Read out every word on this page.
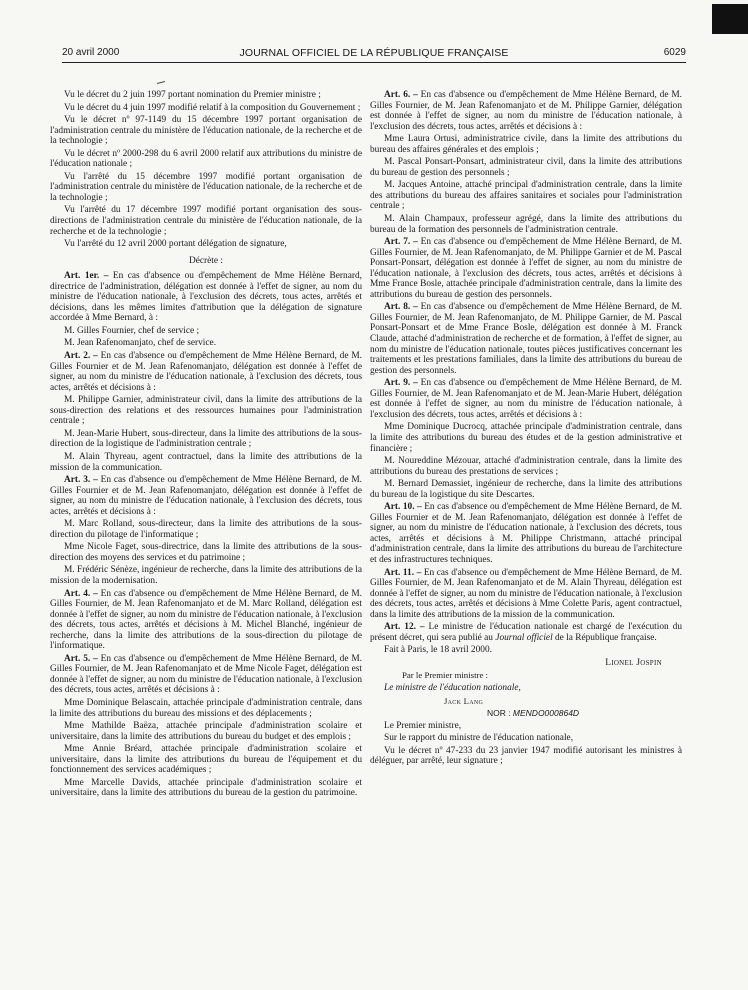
20 avril 2000	JOURNAL OFFICIEL DE LA RÉPUBLIQUE FRANÇAISE	6029

Vu le décret du 2 juin 1997 portant nomination du Premier ministre ;

Vu le décret du 4 juin 1997 modifié relatif à la composition du Gouvernement ;

Vu le décret nº 97-1149 du 15 décembre 1997 portant organisation de l'administration centrale du ministère de l'éducation nationale, de la recherche et de la technologie ;

Vu le décret nº 2000-298 du 6 avril 2000 relatif aux attributions du ministre de l'éducation nationale ;

Vu l'arrêté du 15 décembre 1997 modifié portant organisation de l'administration centrale du ministère de l'éducation nationale, de la recherche et de la technologie ;

Vu l'arrêté du 17 décembre 1997 modifié portant organisation des sous-directions de l'administration centrale du ministère de l'éducation nationale, de la recherche et de la technologie ;

Vu l'arrêté du 12 avril 2000 portant délégation de signature,

Décrète :

Art. 1er. – En cas d'absence ou d'empêchement de Mme Hélène Bernard, directrice de l'administration, délégation est donnée à l'effet de signer, au nom du ministre de l'éducation nationale, à l'exclusion des décrets, tous actes, arrêtés et décisions, dans les mêmes limites d'attribution que la délégation de signature accordée à Mme Bernard, à :

M. Gilles Fournier, chef de service ;

M. Jean Rafenomanjato, chef de service.

Art. 2. – En cas d'absence ou d'empêchement de Mme Hélène Bernard, de M. Gilles Fournier et de M. Jean Rafenomanjato, délégation est donnée à l'effet de signer, au nom du ministre de l'éducation nationale, à l'exclusion des décrets, tous actes, arrêtés et décisions à :

M. Philippe Garnier, administrateur civil, dans la limite des attributions de la sous-direction des relations et des ressources humaines pour l'administration centrale ;

M. Jean-Marie Hubert, sous-directeur, dans la limite des attributions de la sous-direction de la logistique de l'administration centrale ;

M. Alain Thyreau, agent contractuel, dans la limite des attributions de la mission de la communication.

Art. 3. – En cas d'absence ou d'empêchement de Mme Hélène Bernard, de M. Gilles Fournier et de M. Jean Rafenomanjato, délégation est donnée à l'effet de signer, au nom du ministre de l'éducation nationale, à l'exclusion des décrets, tous actes, arrêtés et décisions à :

M. Marc Rolland, sous-directeur, dans la limite des attributions de la sous-direction du pilotage de l'informatique ;

Mme Nicole Faget, sous-directrice, dans la limite des attributions de la sous-direction des moyens des services et du patrimoine ;

M. Frédéric Sénèze, ingénieur de recherche, dans la limite des attributions de la mission de la modernisation.

Art. 4. – En cas d'absence ou d'empêchement de Mme Hélène Bernard, de M. Gilles Fournier, de M. Jean Rafenomanjato et de M. Marc Rolland, délégation est donnée à l'effet de signer, au nom du ministre de l'éducation nationale, à l'exclusion des décrets, tous actes, arrêtés et décisions à M. Michel Blanché, ingénieur de recherche, dans la limite des attributions de la sous-direction du pilotage de l'informatique.

Art. 5. – En cas d'absence ou d'empêchement de Mme Hélène Bernard, de M. Gilles Fournier, de M. Jean Rafenomanjato et de Mme Nicole Faget, délégation est donnée à l'effet de signer, au nom du ministre de l'éducation nationale, à l'exclusion des décrets, tous actes, arrêtés et décisions à :

Mme Dominique Belascain, attachée principale d'administration centrale, dans la limite des attributions du bureau des missions et des déplacements ;

Mme Mathilde Baëza, attachée principale d'administration scolaire et universitaire, dans la limite des attributions du bureau du budget et des emplois ;

Mme Annie Bréard, attachée principale d'administration scolaire et universitaire, dans la limite des attributions du bureau de l'équipement et du fonctionnement des services académiques ;

Mme Marcelle Davids, attachée principale d'administration scolaire et universitaire, dans la limite des attributions du bureau de la gestion du patrimoine.

Art. 6. – En cas d'absence ou d'empêchement de Mme Hélène Bernard, de M. Gilles Fournier, de M. Jean Rafenomanjato et de M. Philippe Garnier, délégation est donnée à l'effet de signer, au nom du ministre de l'éducation nationale, à l'exclusion des décrets, tous actes, arrêtés et décisions à :

Mme Laura Ortusi, administratrice civile, dans la limite des attributions du bureau des affaires générales et des emplois ;

M. Pascal Ponsart-Ponsart, administrateur civil, dans la limite des attributions du bureau de gestion des personnels ;

M. Jacques Antoine, attaché principal d'administration centrale, dans la limite des attributions du bureau des affaires sanitaires et sociales pour l'administration centrale ;

M. Alain Champaux, professeur agrégé, dans la limite des attributions du bureau de la formation des personnels de l'administration centrale.

Art. 7. – En cas d'absence ou d'empêchement de Mme Hélène Bernard, de M. Gilles Fournier, de M. Jean Rafenomanjato, de M. Philippe Garnier et de M. Pascal Ponsart-Ponsart, délégation est donnée à l'effet de signer, au nom du ministre de l'éducation nationale, à l'exclusion des décrets, tous actes, arrêtés et décisions à Mme France Bosle, attachée principale d'administration centrale, dans la limite des attributions du bureau de gestion des personnels.

Art. 8. – En cas d'absence ou d'empêchement de Mme Hélène Bernard, de M. Gilles Fournier, de M. Jean Rafenomanjato, de M. Philippe Garnier, de M. Pascal Ponsart-Ponsart et de Mme France Bosle, délégation est donnée à M. Franck Claude, attaché d'administration de recherche et de formation, à l'effet de signer, au nom du ministre de l'éducation nationale, toutes pièces justificatives concernant les traitements et les prestations familiales, dans la limite des attributions du bureau de gestion des personnels.

Art. 9. – En cas d'absence ou d'empêchement de Mme Hélène Bernard, de M. Gilles Fournier, de M. Jean Rafenomanjato et de M. Jean-Marie Hubert, délégation est donnée à l'effet de signer, au nom du ministre de l'éducation nationale, à l'exclusion des décrets, tous actes, arrêtés et décisions à :

Mme Dominique Ducrocq, attachée principale d'administration centrale, dans la limite des attributions du bureau des études et de la gestion administrative et financière ;

M. Noureddine Mézouar, attaché d'administration centrale, dans la limite des attributions du bureau des prestations de services ;

M. Bernard Demassiet, ingénieur de recherche, dans la limite des attributions du bureau de la logistique du site Descartes.

Art. 10. – En cas d'absence ou d'empêchement de Mme Hélène Bernard, de M. Gilles Fournier et de M. Jean Rafenomanjato, délégation est donnée à l'effet de signer, au nom du ministre de l'éducation nationale, à l'exclusion des décrets, tous actes, arrêtés et décisions à M. Philippe Christmann, attaché principal d'administration centrale, dans la limite des attributions du bureau de l'architecture et des infrastructures techniques.

Art. 11. – En cas d'absence ou d'empêchement de Mme Hélène Bernard, de M. Gilles Fournier, de M. Jean Rafenomanjato et de M. Alain Thyreau, délégation est donnée à l'effet de signer, au nom du ministre de l'éducation nationale, à l'exclusion des décrets, tous actes, arrêtés et décisions à Mme Colette Paris, agent contractuel, dans la limite des attributions de la mission de la communication.

Art. 12. – Le ministre de l'éducation nationale est chargé de l'exécution du présent décret, qui sera publié au Journal officiel de la République française.

Fait à Paris, le 18 avril 2000.

Lionel Jospin

Par le Premier ministre :

Le ministre de l'éducation nationale,

Jack Lang

NOR : MENDO000864D

Le Premier ministre,

Sur le rapport du ministre de l'éducation nationale,

Vu le décret nº 47-233 du 23 janvier 1947 modifié autorisant les ministres à déléguer, par arrêté, leur signature ;
